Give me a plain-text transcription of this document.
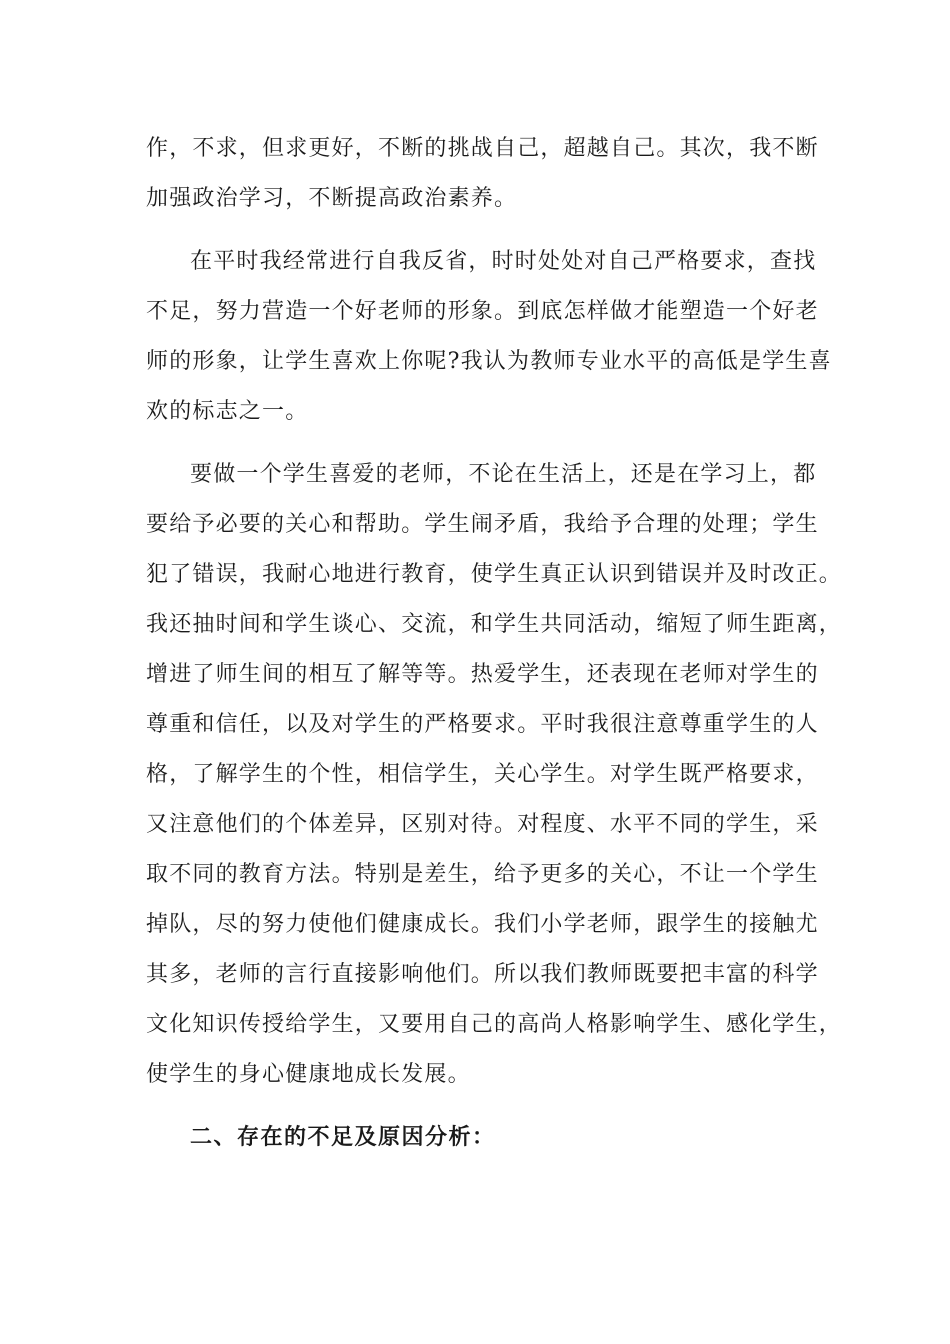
作，不求，但求更好，不断的挑战自己，超越自己。其次，我不断
加强政治学习，不断提高政治素养。
在平时我经常进行自我反省，时时处处对自己严格要求，查找
不足，努力营造一个好老师的形象。到底怎样做才能塑造一个好老
师的形象，让学生喜欢上你呢?我认为教师专业水平的高低是学生喜
欢的标志之一。
要做一个学生喜爱的老师，不论在生活上，还是在学习上，都
要给予必要的关心和帮助。学生闹矛盾，我给予合理的处理；学生
犯了错误，我耐心地进行教育，使学生真正认识到错误并及时改正。
我还抽时间和学生谈心、交流，和学生共同活动，缩短了师生距离，
增进了师生间的相互了解等等。热爱学生，还表现在老师对学生的
尊重和信任，以及对学生的严格要求。平时我很注意尊重学生的人
格，了解学生的个性，相信学生，关心学生。对学生既严格要求，
又注意他们的个体差异，区别对待。对程度、水平不同的学生，采
取不同的教育方法。特别是差生，给予更多的关心，不让一个学生
掉队，尽的努力使他们健康成长。我们小学老师，跟学生的接触尤
其多，老师的言行直接影响他们。所以我们教师既要把丰富的科学
文化知识传授给学生，又要用自己的高尚人格影响学生、感化学生，
使学生的身心健康地成长发展。
二、存在的不足及原因分析：
